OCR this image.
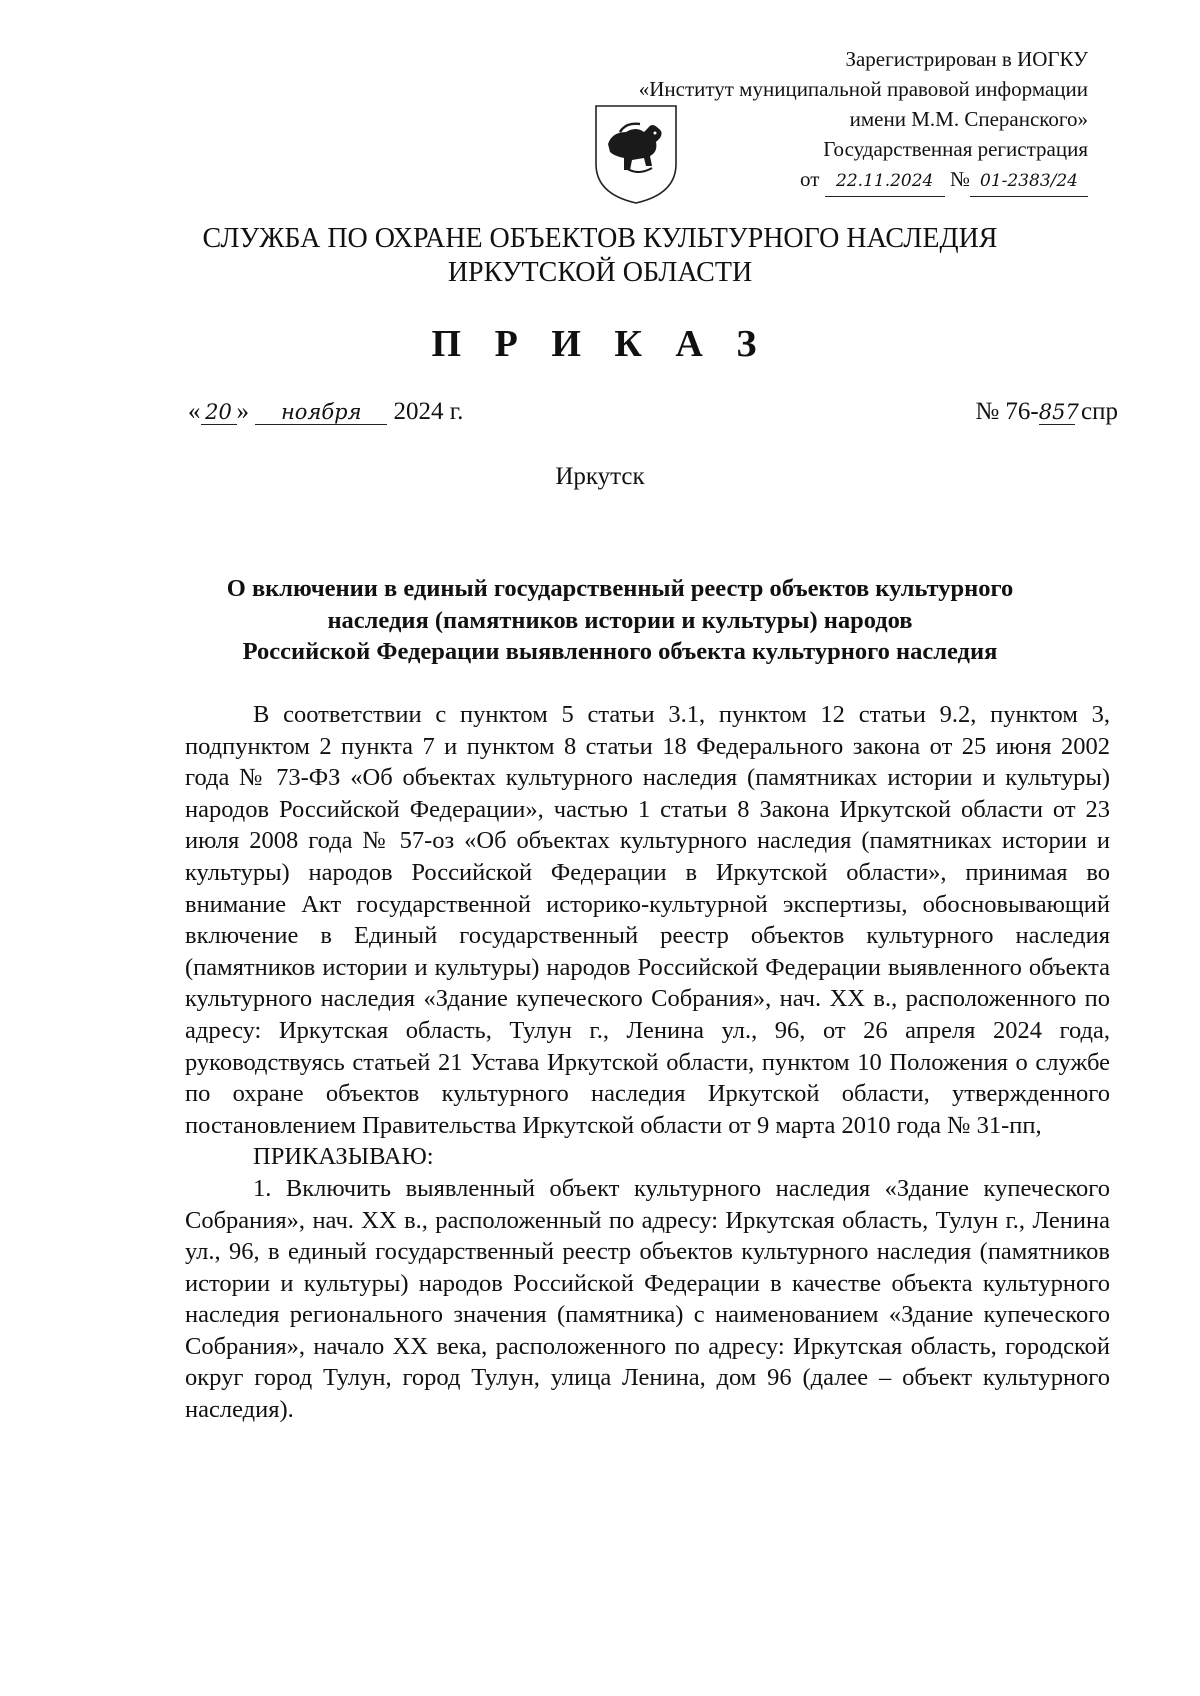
Зарегистрирован в ИОГКУ
«Институт муниципальной правовой информации
имени М.М. Сперанского»
Государственная регистрация
от 22.11.2024 № 01-2383/24
СЛУЖБА ПО ОХРАНЕ ОБЪЕКТОВ КУЛЬТУРНОГО НАСЛЕДИЯ
ИРКУТСКОЙ ОБЛАСТИ
П Р И К А З
« 20 » ноября 2024 г.	№ 76-857 спр
Иркутск
О включении в единый государственный реестр объектов культурного
наследия (памятников истории и культуры) народов
Российской Федерации выявленного объекта культурного наследия

В соответствии с пунктом 5 статьи 3.1, пунктом 12 статьи 9.2, пунктом 3, подпунктом 2 пункта 7 и пунктом 8 статьи 18 Федерального закона от 25 июня 2002 года № 73-ФЗ «Об объектах культурного наследия (памятниках истории и культуры) народов Российской Федерации», частью 1 статьи 8 Закона Иркутской области от 23 июля 2008 года № 57-оз «Об объектах культурного наследия (памятниках истории и культуры) народов Российской Федерации в Иркутской области», принимая во внимание Акт государственной историко-культурной экспертизы, обосновывающий включение в Единый государственный реестр объектов культурного наследия (памятников истории и культуры) народов Российской Федерации выявленного объекта культурного наследия «Здание купеческого Собрания», нач. XX в., расположенного по адресу: Иркутская область, Тулун г., Ленина ул., 96, от 26 апреля 2024 года, руководствуясь статьей 21 Устава Иркутской области, пунктом 10 Положения о службе по охране объектов культурного наследия Иркутской области, утвержденного постановлением Правительства Иркутской области от 9 марта 2010 года № 31-пп,

ПРИКАЗЫВАЮ:

1. Включить выявленный объект культурного наследия «Здание купеческого Собрания», нач. XX в., расположенный по адресу: Иркутская область, Тулун г., Ленина ул., 96, в единый государственный реестр объектов культурного наследия (памятников истории и культуры) народов Российской Федерации в качестве объекта культурного наследия регионального значения (памятника) с наименованием «Здание купеческого Собрания», начало XX века, расположенного по адресу: Иркутская область, городской округ город Тулун, город Тулун, улица Ленина, дом 96 (далее – объект культурного наследия).
